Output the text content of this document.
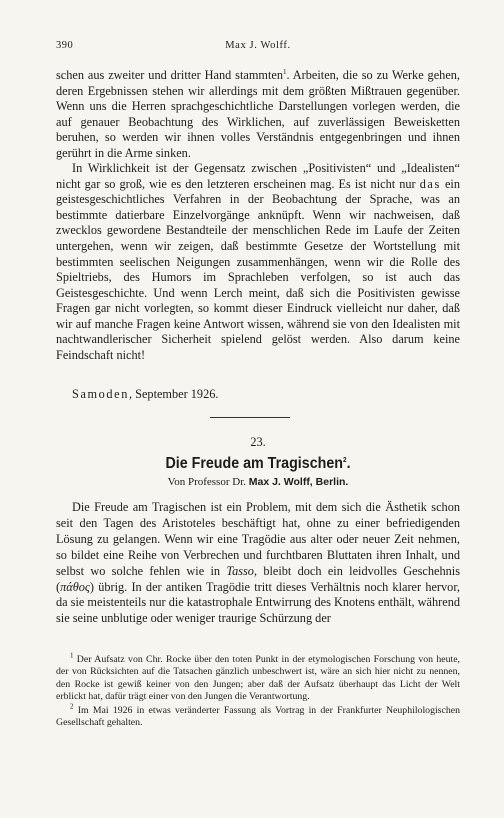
390	Max J. Wolff.

schen aus zweiter und dritter Hand stammten$^1$. Arbeiten, die so zu Werke gehen, deren Ergebnissen stehen wir allerdings mit dem größten Mißtrauen gegenüber. Wenn uns die Herren sprachgeschichtliche Darstellungen vorlegen werden, die auf genauer Beobachtung des Wirklichen, auf zuverlässigen Beweisketten beruhen, so werden wir ihnen volles Verständnis entgegenbringen und ihnen gerührt in die Arme sinken.

In Wirklichkeit ist der Gegensatz zwischen „Positivisten“ und „Idealisten“ nicht gar so groß, wie es den letzteren erscheinen mag. Es ist nicht nur das ein geistesgeschichtliches Verfahren in der Beobachtung der Sprache, was an bestimmte datierbare Einzelvorgänge anknüpft. Wenn wir nachweisen, daß zwecklos gewordene Bestandteile der menschlichen Rede im Laufe der Zeiten untergehen, wenn wir zeigen, daß bestimmte Gesetze der Wortstellung mit bestimmten seelischen Neigungen zusammenhängen, wenn wir die Rolle des Spieltriebs, des Humors im Sprachleben verfolgen, so ist auch das Geistesgeschichte. Und wenn Lerch meint, daß sich die Positivisten gewisse Fragen gar nicht vorlegten, so kommt dieser Eindruck vielleicht nur daher, daß wir auf manche Fragen keine Antwort wissen, während sie von den Idealisten mit nachtwandlerischer Sicherheit spielend gelöst werden. Also darum keine Feindschaft nicht!

Samoden, September 1926.
23.
Die Freude am Tragischen$^2$.
Von Professor Dr. Max J. Wolff, Berlin.

Die Freude am Tragischen ist ein Problem, mit dem sich die Ästhetik schon seit den Tagen des Aristoteles beschäftigt hat, ohne zu einer befriedigenden Lösung zu gelangen. Wenn wir eine Tragödie aus alter oder neuer Zeit nehmen, so bildet eine Reihe von Verbrechen und furchtbaren Bluttaten ihren Inhalt, und selbst wo solche fehlen wie in Tasso, bleibt doch ein leidvolles Geschehnis (πάθος) übrig. In der antiken Tragödie tritt dieses Verhältnis noch klarer hervor, da sie meistenteils nur die katastrophale Entwirrung des Knotens enthält, während sie seine unblutige oder weniger traurige Schürzung der

$^1$ Der Aufsatz von Chr. Rocke über den toten Punkt in der etymologischen Forschung von heute, der von Rücksichten auf die Tatsachen gänzlich unbeschwert ist, wäre an sich hier nicht zu nennen, den Rocke ist gewiß keiner von den Jungen; aber daß der Aufsatz überhaupt das Licht der Welt erblickt hat, dafür trägt einer von den Jungen die Verantwortung.

$^2$ Im Mai 1926 in etwas veränderter Fassung als Vortrag in der Frankfurter Neuphilologischen Gesellschaft gehalten.
